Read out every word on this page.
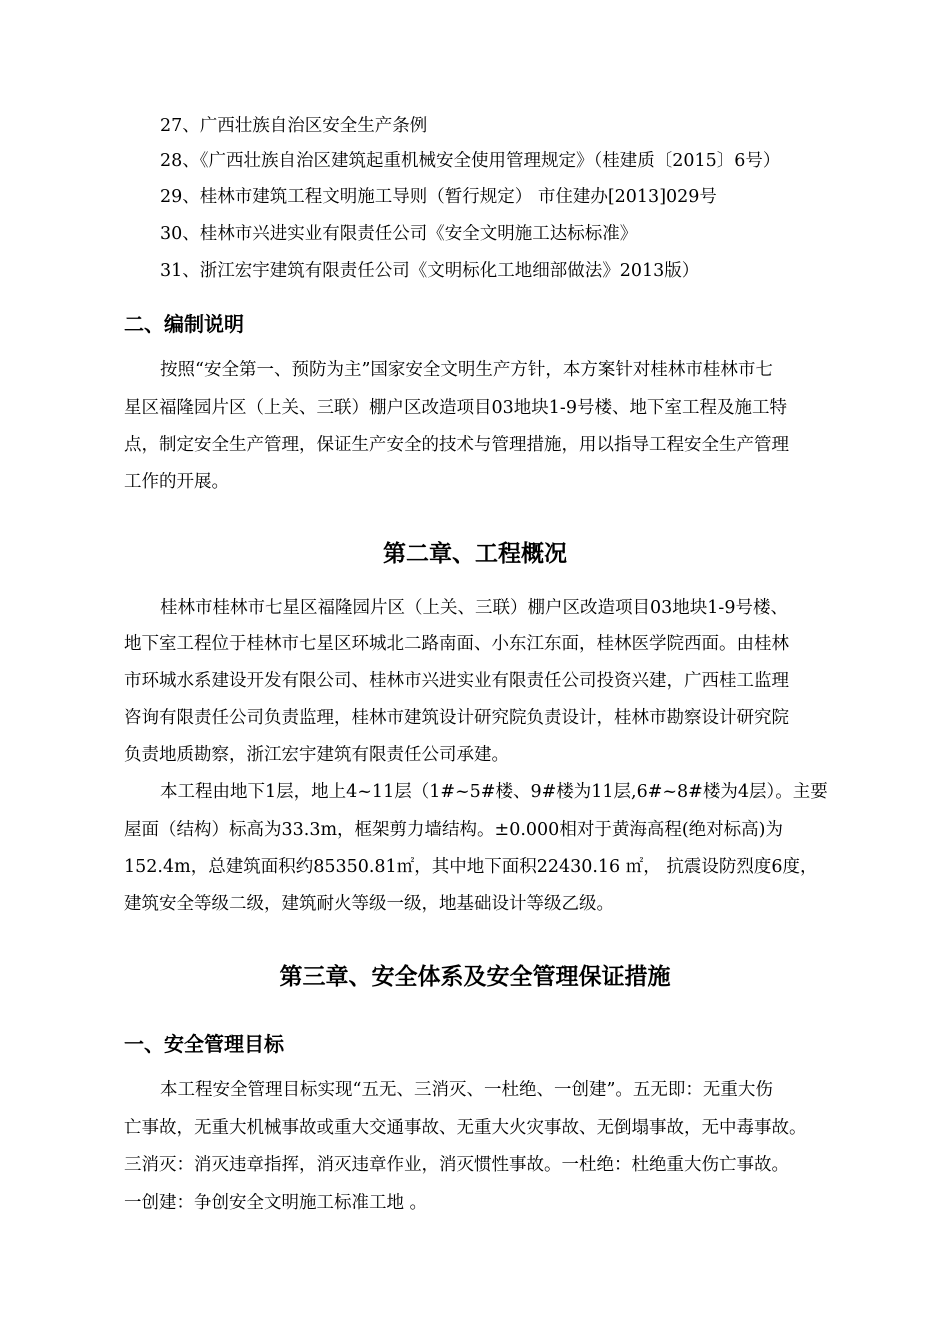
27、广西壮族自治区安全生产条例
28、《广西壮族自治区建筑起重机械安全使用管理规定》（桂建质〔2015〕6号）
29、桂林市建筑工程文明施工导则（暂行规定） 市住建办[2013]029号
30、桂林市兴进实业有限责任公司《安全文明施工达标标准》
31、浙江宏宇建筑有限责任公司《文明标化工地细部做法》2013版）
二、编制说明
按照“安全第一、预防为主”国家安全文明生产方针，本方案针对桂林市桂林市七
星区福隆园片区（上关、三联）棚户区改造项目03地块1-9号楼、地下室工程及施工特
点，制定安全生产管理，保证生产安全的技术与管理措施，用以指导工程安全生产管理
工作的开展。
第二章、工程概况
桂林市桂林市七星区福隆园片区（上关、三联）棚户区改造项目03地块1-9号楼、
地下室工程位于桂林市七星区环城北二路南面、小东江东面，桂林医学院西面。由桂林
市环城水系建设开发有限公司、桂林市兴进实业有限责任公司投资兴建，广西桂工监理
咨询有限责任公司负责监理，桂林市建筑设计研究院负责设计，桂林市勘察设计研究院
负责地质勘察，浙江宏宇建筑有限责任公司承建。
本工程由地下1层，地上4~11层（1#~5#楼、9#楼为11层,6#~8#楼为4层）。主要
屋面（结构）标高为33.3m，框架剪力墙结构。±0.000相对于黄海高程(绝对标高)为
152.4m，总建筑面积约85350.81㎡，其中地下面积22430.16 ㎡， 抗震设防烈度6度，
建筑安全等级二级，建筑耐火等级一级，地基础设计等级乙级。
第三章、安全体系及安全管理保证措施
一、安全管理目标
本工程安全管理目标实现“五无、三消灭、一杜绝、一创建”。五无即：无重大伤
亡事故，无重大机械事故或重大交通事故、无重大火灾事故、无倒塌事故，无中毒事故。
三消灭：消灭违章指挥，消灭违章作业，消灭惯性事故。一杜绝：杜绝重大伤亡事故。
一创建：争创安全文明施工标准工地 。
